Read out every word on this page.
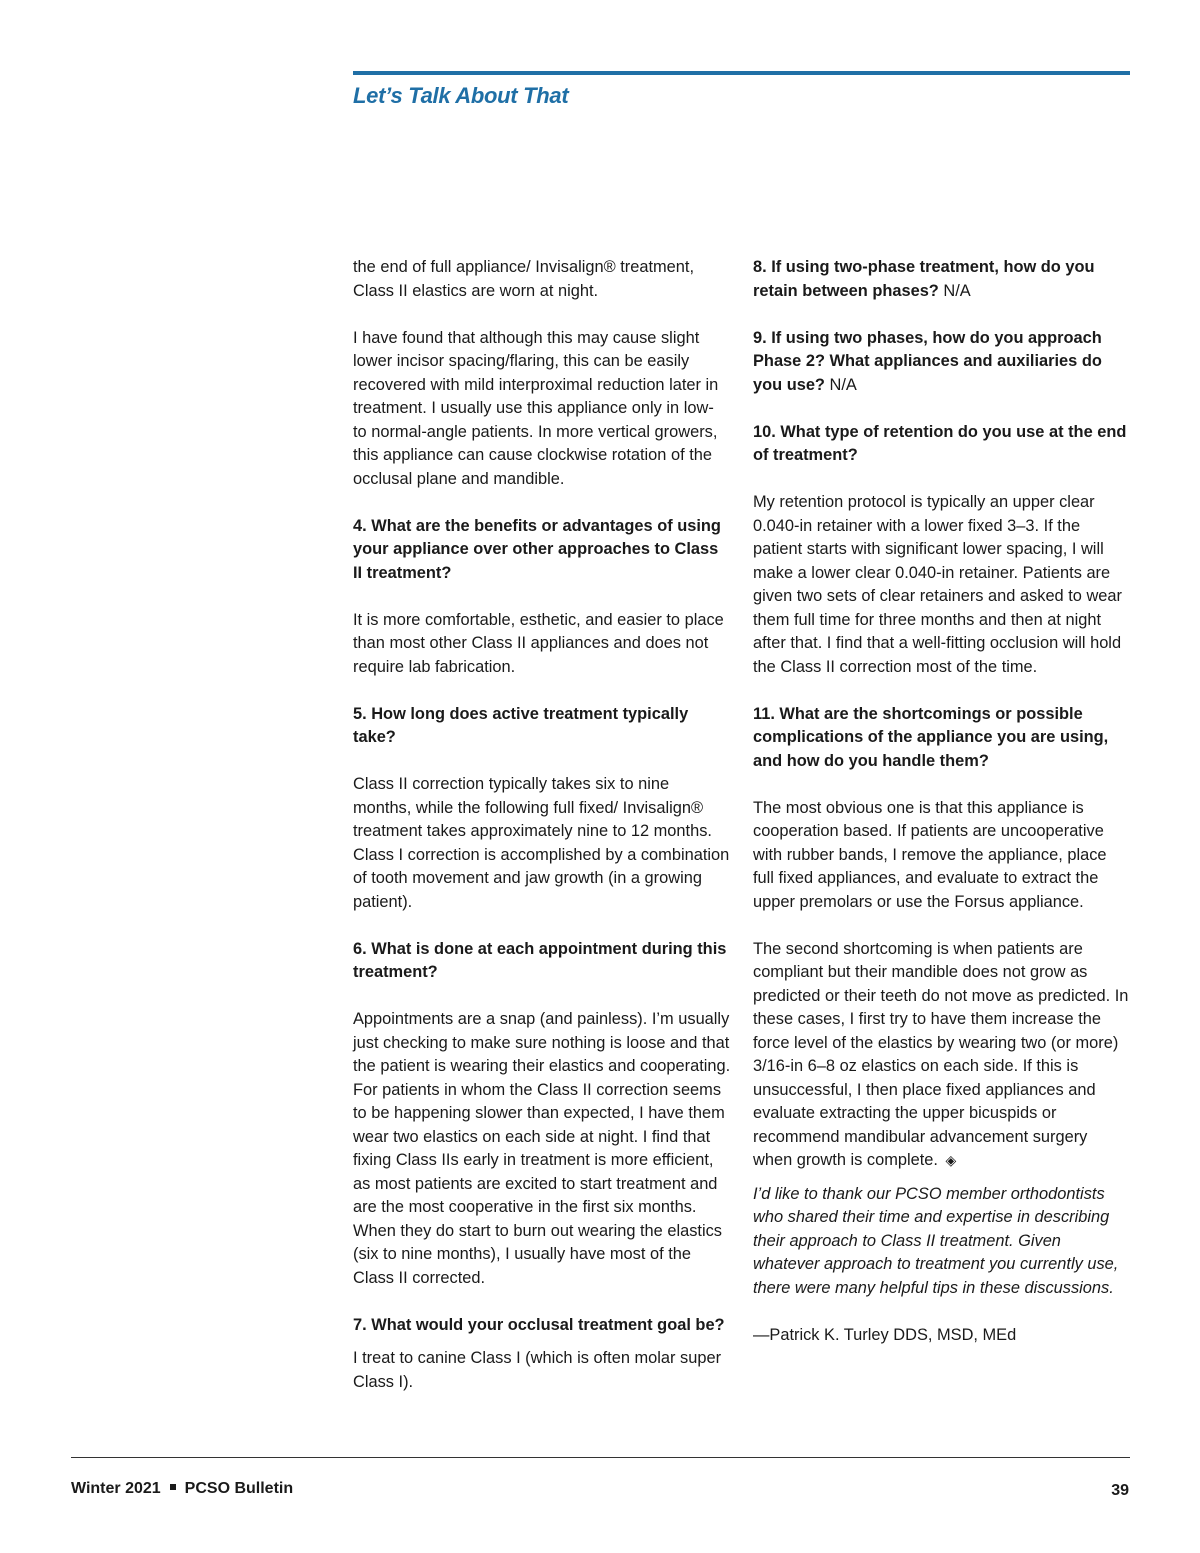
Let’s Talk About That

the end of full appliance/ Invisalign® treatment, Class II elastics are worn at night.

I have found that although this may cause slight lower incisor spacing/flaring, this can be easily recovered with mild interproximal reduction later in treatment. I usually use this appliance only in low- to normal-angle patients. In more vertical growers, this appliance can cause clockwise rotation of the occlusal plane and mandible.

4. What are the benefits or advantages of using your appliance over other approaches to Class II treatment?

It is more comfortable, esthetic, and easier to place than most other Class II appliances and does not require lab fabrication.

5. How long does active treatment typically take?

Class II correction typically takes six to nine months, while the following full fixed/ Invisalign® treatment takes approximately nine to 12 months. Class I correction is accomplished by a combination of tooth movement and jaw growth (in a growing patient).

6. What is done at each appointment during this treatment?

Appointments are a snap (and painless). I’m usually just checking to make sure nothing is loose and that the patient is wearing their elastics and cooperating. For patients in whom the Class II correction seems to be happening slower than expected, I have them wear two elastics on each side at night. I find that fixing Class IIs early in treatment is more efficient, as most patients are excited to start treatment and are the most cooperative in the first six months. When they do start to burn out wearing the elastics (six to nine months), I usually have most of the Class II corrected.

7. What would your occlusal treatment goal be?

I treat to canine Class I (which is often molar super Class I).

8. If using two-phase treatment, how do you retain between phases? N/A

9. If using two phases, how do you approach Phase 2? What appliances and auxiliaries do you use? N/A

10. What type of retention do you use at the end of treatment?

My retention protocol is typically an upper clear 0.040-in retainer with a lower fixed 3–3. If the patient starts with significant lower spacing, I will make a lower clear 0.040-in retainer. Patients are given two sets of clear retainers and asked to wear them full time for three months and then at night after that. I find that a well-fitting occlusion will hold the Class II correction most of the time.

11. What are the shortcomings or possible complications of the appliance you are using, and how do you handle them?

The most obvious one is that this appliance is cooperation based. If patients are uncooperative with rubber bands, I remove the appliance, place full fixed appliances, and evaluate to extract the upper premolars or use the Forsus appliance.

The second shortcoming is when patients are compliant but their mandible does not grow as predicted or their teeth do not move as predicted. In these cases, I first try to have them increase the force level of the elastics by wearing two (or more) 3/16-in 6–8 oz elastics on each side. If this is unsuccessful, I then place fixed appliances and evaluate extracting the upper bicuspids or recommend mandibular advancement surgery when growth is complete. ◈

I’d like to thank our PCSO member orthodontists who shared their time and expertise in describing their approach to Class II treatment. Given whatever approach to treatment you currently use, there were many helpful tips in these discussions.

—Patrick K. Turley DDS, MSD, MEd

Winter 2021 PCSO Bulletin	39
